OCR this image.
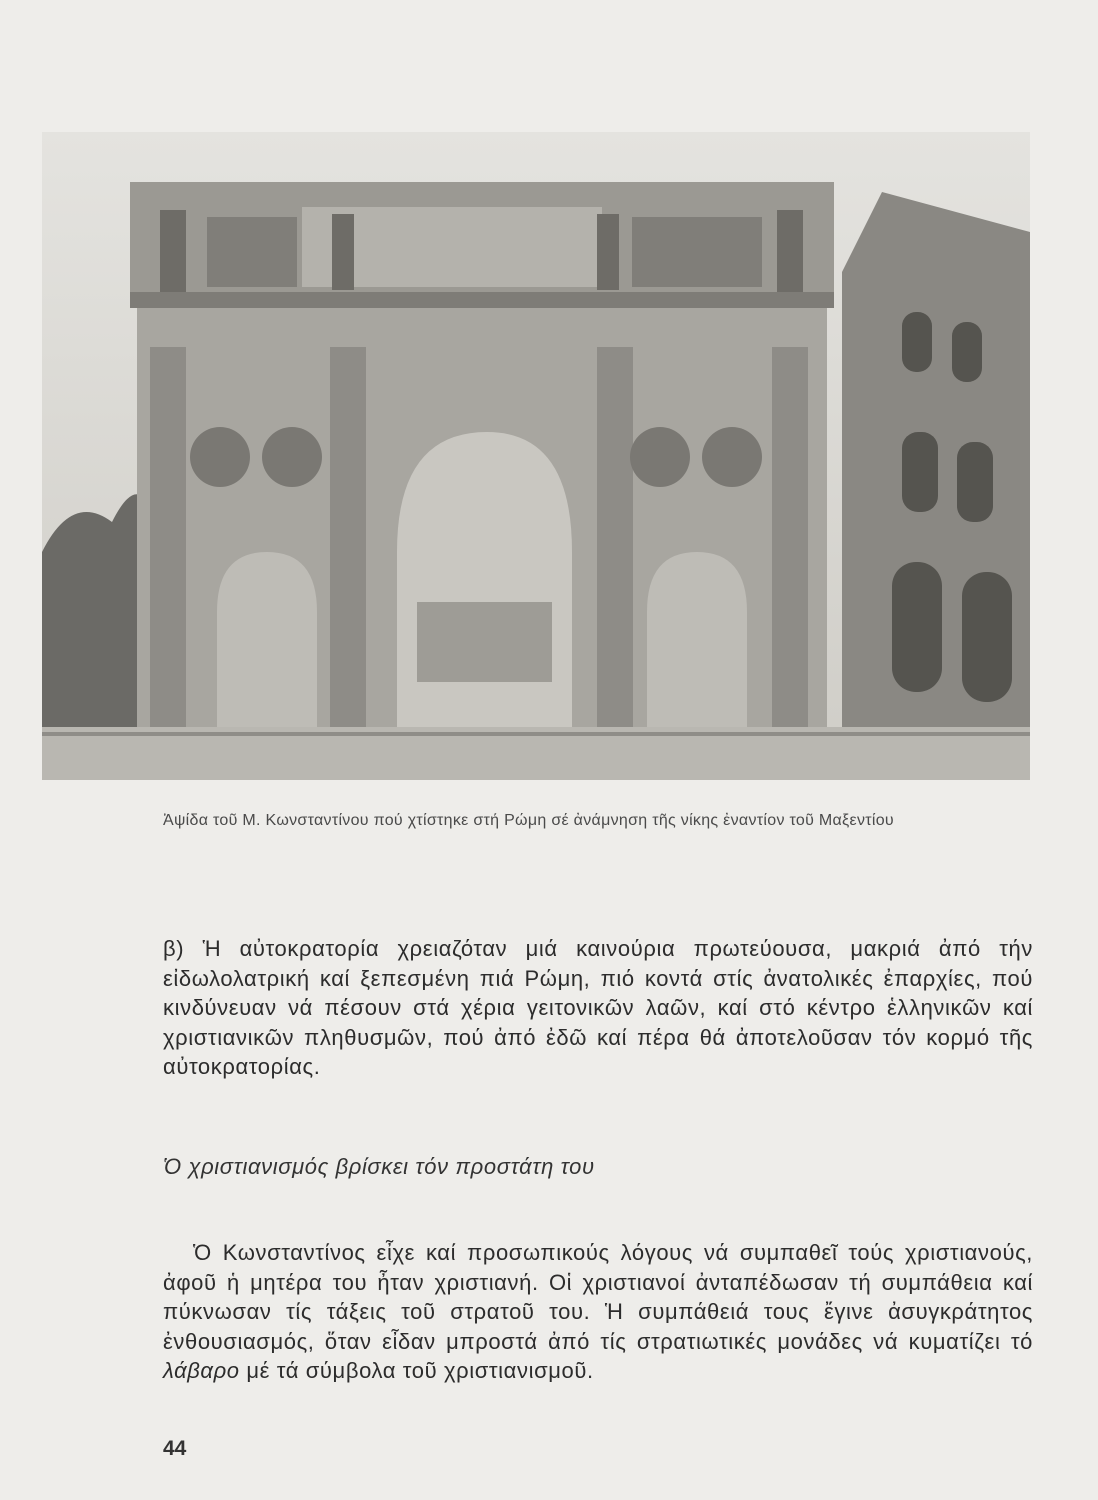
Ἀψίδα τοῦ Μ. Κωνσταντίνου πού χτίστηκε στή Ρώμη σέ ἀνάμνηση τῆς νίκης ἐναντίον τοῦ Μαξεντίου

β) Ἡ αὐτοκρατορία χρειαζόταν μιά καινούρια πρωτεύουσα, μακριά ἀπό τήν εἰδωλολατρική καί ξεπεσμένη πιά Ρώμη, πιό κοντά στίς ἀνατολικές ἐπαρχίες, πού κινδύνευαν νά πέσουν στά χέρια γειτονικῶν λαῶν, καί στό κέντρο ἑλληνικῶν καί χριστιανικῶν πληθυσμῶν, πού ἀπό ἐδῶ καί πέρα θά ἀποτελοῦσαν τόν κορμό τῆς αὐτοκρατορίας.

Ὁ χριστιανισμός βρίσκει τόν προστάτη του

Ὁ Κωνσταντίνος εἶχε καί προσωπικούς λόγους νά συμπαθεῖ τούς χριστιανούς, ἀφοῦ ἡ μητέρα του ἦταν χριστιανή. Οἱ χριστιανοί ἀνταπέδωσαν τή συμπάθεια καί πύκνωσαν τίς τάξεις τοῦ στρατοῦ του. Ἡ συμπάθειά τους ἔγινε ἀσυγκράτητος ἐνθουσιασμός, ὅταν εἶδαν μπροστά ἀπό τίς στρατιωτικές μονάδες νά κυματίζει τό λάβαρο μέ τά σύμβολα τοῦ χριστιανισμοῦ.

44
